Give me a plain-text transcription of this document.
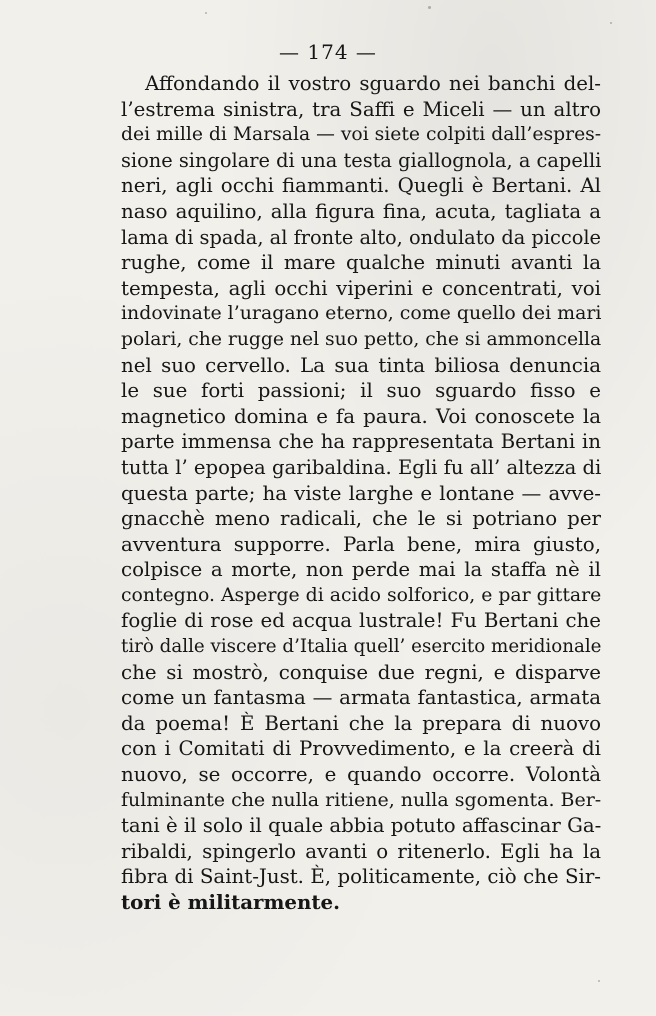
— 174 —
Affondando il vostro sguardo nei banchi del-
l’estrema sinistra, tra Saffi e Miceli — un altro
dei mille di Marsala — voi siete colpiti dall’espres-
sione singolare di una testa giallognola, a capelli
neri, agli occhi fiammanti. Quegli è Bertani. Al
naso aquilino, alla figura fina, acuta, tagliata a
lama di spada, al fronte alto, ondulato da piccole
rughe, come il mare qualche minuti avanti la
tempesta, agli occhi viperini e concentrati, voi
indovinate l’uragano eterno, come quello dei mari
polari, che rugge nel suo petto, che si ammoncella
nel suo cervello. La sua tinta biliosa denuncia
le sue forti passioni; il suo sguardo fisso e
magnetico domina e fa paura. Voi conoscete la
parte immensa che ha rappresentata Bertani in
tutta l’ epopea garibaldina. Egli fu all’ altezza di
questa parte; ha viste larghe e lontane — avve-
gnacchè meno radicali, che le si potriano per
avventura supporre. Parla bene, mira giusto,
colpisce a morte, non perde mai la staffa nè il
contegno. Asperge di acido solforico, e par gittare
foglie di rose ed acqua lustrale! Fu Bertani che
tirò dalle viscere d’Italia quell’ esercito meridionale
che si mostrò, conquise due regni, e disparve
come un fantasma — armata fantastica, armata
da poema! È Bertani che la prepara di nuovo
con i Comitati di Provvedimento, e la creerà di
nuovo, se occorre, e quando occorre. Volontà
fulminante che nulla ritiene, nulla sgomenta. Ber-
tani è il solo il quale abbia potuto affascinar Ga-
ribaldi, spingerlo avanti o ritenerlo. Egli ha la
fibra di Saint-Just. È, politicamente, ciò che Sir-
tori è militarmente.
